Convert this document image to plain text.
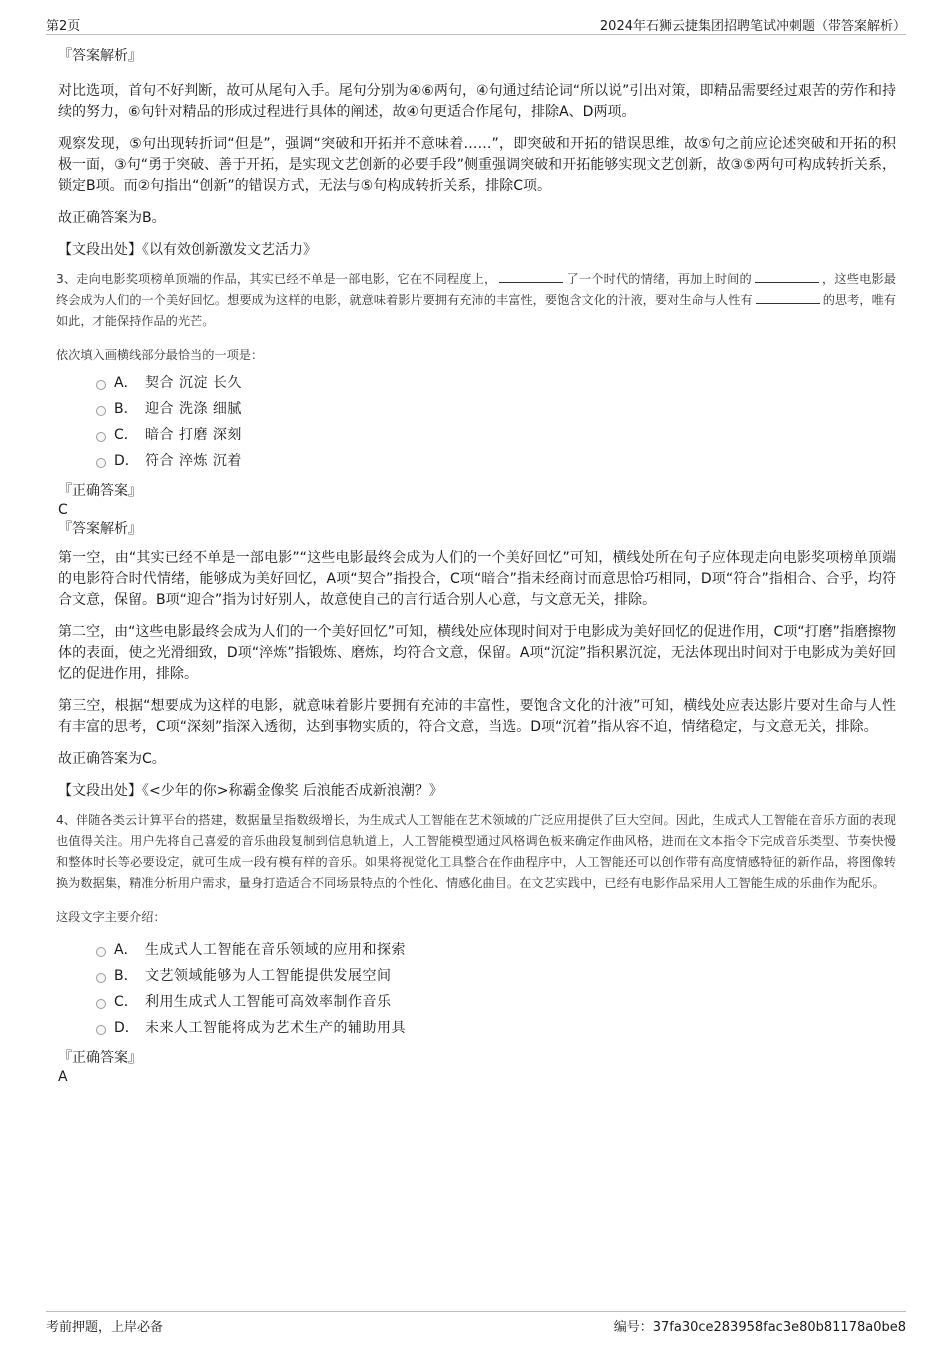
第2页	2024年石狮云捷集团招聘笔试冲刺题（带答案解析）
『答案解析』

对比选项，首句不好判断，故可从尾句入手。尾句分别为④⑥两句，④句通过结论词“所以说”引出对策，即精品需要经过艰苦的劳作和持续的努力，⑥句针对精品的形成过程进行具体的阐述，故④句更适合作尾句，排除A、D两项。

观察发现，⑤句出现转折词“但是”，强调“突破和开拓并不意味着……”，即突破和开拓的错误思维，故⑤句之前应论述突破和开拓的积极一面，③句“勇于突破、善于开拓，是实现文艺创新的必要手段”侧重强调突破和开拓能够实现文艺创新，故③⑤两句可构成转折关系，锁定B项。而②句指出“创新”的错误方式，无法与⑤句构成转折关系，排除C项。

故正确答案为B。

【文段出处】《以有效创新激发文艺活力》

3、走向电影奖项榜单顶端的作品，其实已经不单是一部电影，它在不同程度上，	了一个时代的情绪，再加上时间的	，这些电影最终会成为人们的一个美好回忆。想要成为这样的电影，就意味着影片要拥有充沛的丰富性，要饱含文化的汁液，要对生命与人性有	的思考，唯有如此，才能保持作品的光芒。

依次填入画横线部分最恰当的一项是：

A． 契合 沉淀 长久
B． 迎合 洗涤 细腻
C． 暗合 打磨 深刻
D． 符合 淬炼 沉着
『正确答案』
C
『答案解析』

第一空，由“其实已经不单是一部电影”“这些电影最终会成为人们的一个美好回忆”可知，横线处所在句子应体现走向电影奖项榜单顶端的电影符合时代情绪，能够成为美好回忆，A项“契合”指投合，C项“暗合”指未经商讨而意思恰巧相同，D项“符合”指相合、合乎，均符合文意，保留。B项“迎合”指为讨好别人，故意使自己的言行适合别人心意，与文意无关，排除。

第二空，由“这些电影最终会成为人们的一个美好回忆”可知，横线处应体现时间对于电影成为美好回忆的促进作用，C项“打磨”指磨擦物体的表面，使之光滑细致，D项“淬炼”指锻炼、磨炼，均符合文意，保留。A项“沉淀”指积累沉淀，无法体现出时间对于电影成为美好回忆的促进作用，排除。

第三空，根据“想要成为这样的电影，就意味着影片要拥有充沛的丰富性，要饱含文化的汁液”可知，横线处应表达影片要对生命与人性有丰富的思考，C项“深刻”指深入透彻，达到事物实质的，符合文意，当选。D项“沉着”指从容不迫，情绪稳定，与文意无关，排除。

故正确答案为C。

【文段出处】《<少年的你>称霸金像奖 后浪能否成新浪潮？》

4、伴随各类云计算平台的搭建，数据量呈指数级增长，为生成式人工智能在艺术领域的广泛应用提供了巨大空间。因此，生成式人工智能在音乐方面的表现也值得关注。用户先将自己喜爱的音乐曲段复制到信息轨道上，人工智能模型通过风格调色板来确定作曲风格，进而在文本指令下完成音乐类型、节奏快慢和整体时长等必要设定，就可生成一段有模有样的音乐。如果将视觉化工具整合在作曲程序中，人工智能还可以创作带有高度情感特征的新作品，将图像转换为数据集，精准分析用户需求，量身打造适合不同场景特点的个性化、情感化曲目。在文艺实践中，已经有电影作品采用人工智能生成的乐曲作为配乐。

这段文字主要介绍：

A． 生成式人工智能在音乐领域的应用和探索
B． 文艺领域能够为人工智能提供发展空间
C． 利用生成式人工智能可高效率制作音乐
D． 未来人工智能将成为艺术生产的辅助用具
『正确答案』
A
考前押题，上岸必备	编号：37fa30ce283958fac3e80b81178a0be8
